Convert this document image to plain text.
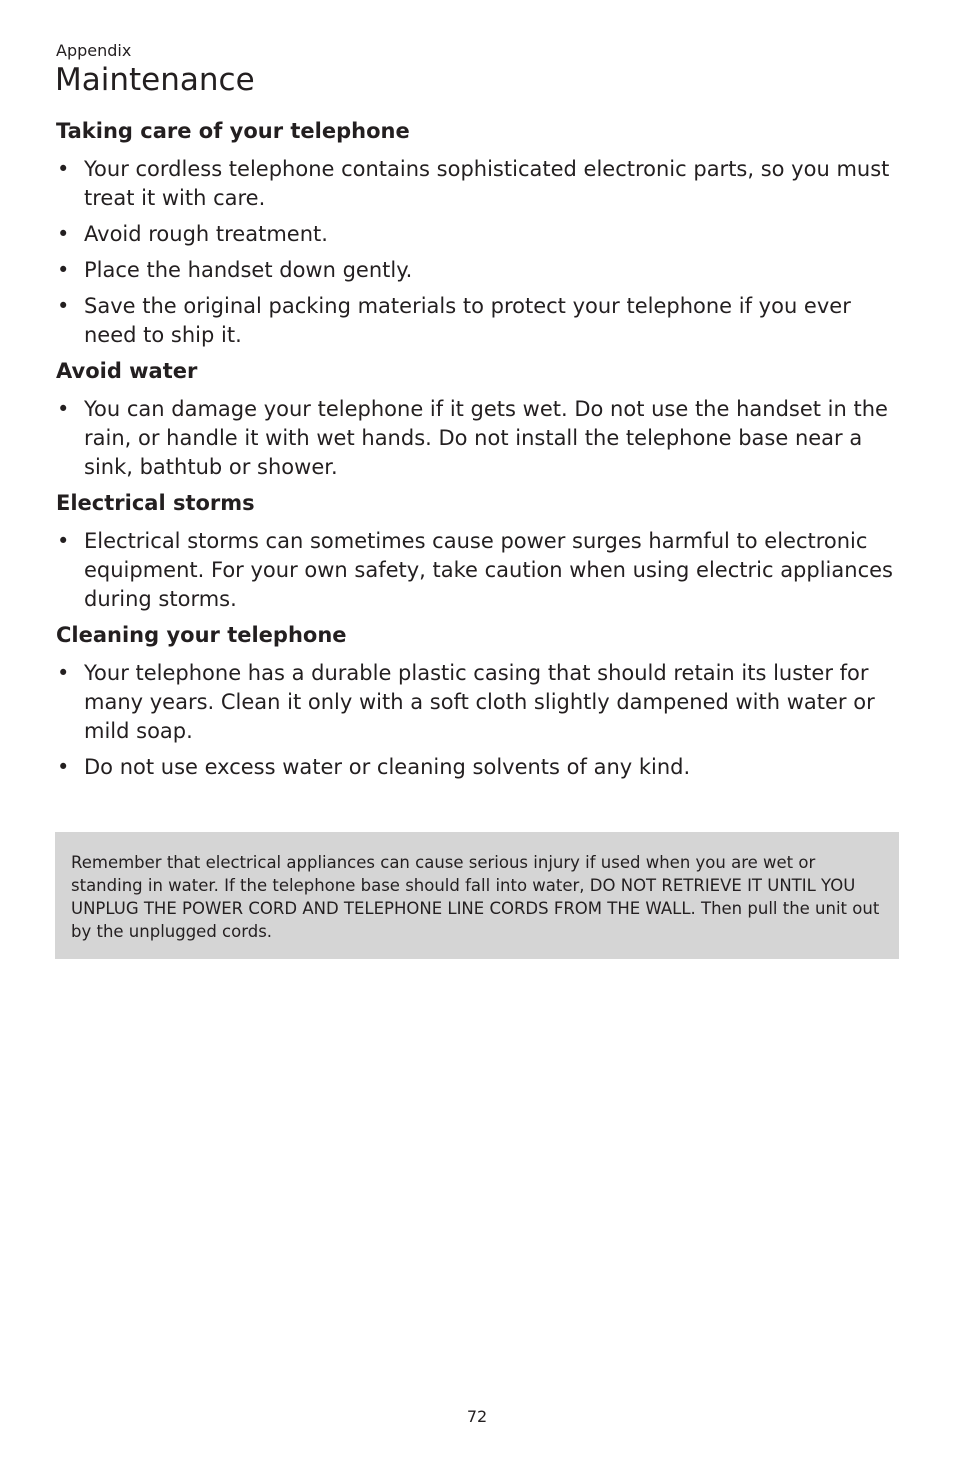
Appendix
Maintenance
Taking care of your telephone
• Your cordless telephone contains sophisticated electronic parts, so you must treat it with care.
• Avoid rough treatment.
• Place the handset down gently.
• Save the original packing materials to protect your telephone if you ever need to ship it.
Avoid water
• You can damage your telephone if it gets wet. Do not use the handset in the rain, or handle it with wet hands. Do not install the telephone base near a sink, bathtub or shower.
Electrical storms
• Electrical storms can sometimes cause power surges harmful to electronic equipment. For your own safety, take caution when using electric appliances during storms.
Cleaning your telephone
• Your telephone has a durable plastic casing that should retain its luster for many years. Clean it only with a soft cloth slightly dampened with water or mild soap.
• Do not use excess water or cleaning solvents of any kind.

Remember that electrical appliances can cause serious injury if used when you are wet or standing in water. If the telephone base should fall into water, DO NOT RETRIEVE IT UNTIL YOU UNPLUG THE POWER CORD AND TELEPHONE LINE CORDS FROM THE WALL. Then pull the unit out by the unplugged cords.

72
